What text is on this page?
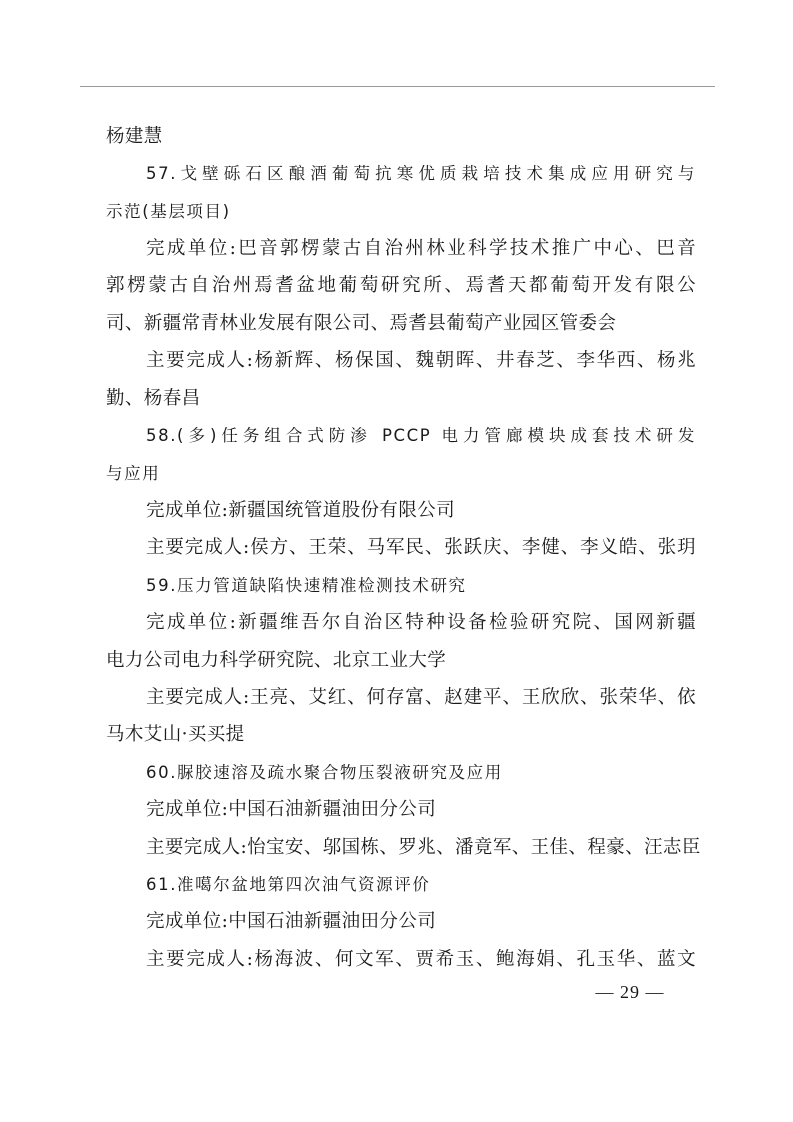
杨建慧
57.戈壁砾石区酿酒葡萄抗寒优质栽培技术集成应用研究与
示范(基层项目)
完成单位:巴音郭楞蒙古自治州林业科学技术推广中心、巴音
郭楞蒙古自治州焉耆盆地葡萄研究所、焉耆天都葡萄开发有限公
司、新疆常青林业发展有限公司、焉耆县葡萄产业园区管委会
主要完成人:杨新辉、杨保国、魏朝晖、井春芝、李华西、杨兆
勤、杨春昌
58.(多)任务组合式防渗 PCCP 电力管廊模块成套技术研发
与应用
完成单位:新疆国统管道股份有限公司
主要完成人:侯方、王荣、马军民、张跃庆、李健、李义皓、张玥
59.压力管道缺陷快速精准检测技术研究
完成单位:新疆维吾尔自治区特种设备检验研究院、国网新疆
电力公司电力科学研究院、北京工业大学
主要完成人:王亮、艾红、何存富、赵建平、王欣欣、张荣华、依
马木艾山·买买提
60.脲胶速溶及疏水聚合物压裂液研究及应用
完成单位:中国石油新疆油田分公司
主要完成人:怡宝安、邬国栋、罗兆、潘竟军、王佳、程豪、汪志臣
61.准噶尔盆地第四次油气资源评价
完成单位:中国石油新疆油田分公司
主要完成人:杨海波、何文军、贾希玉、鲍海娟、孔玉华、蓝文
— 29 —
